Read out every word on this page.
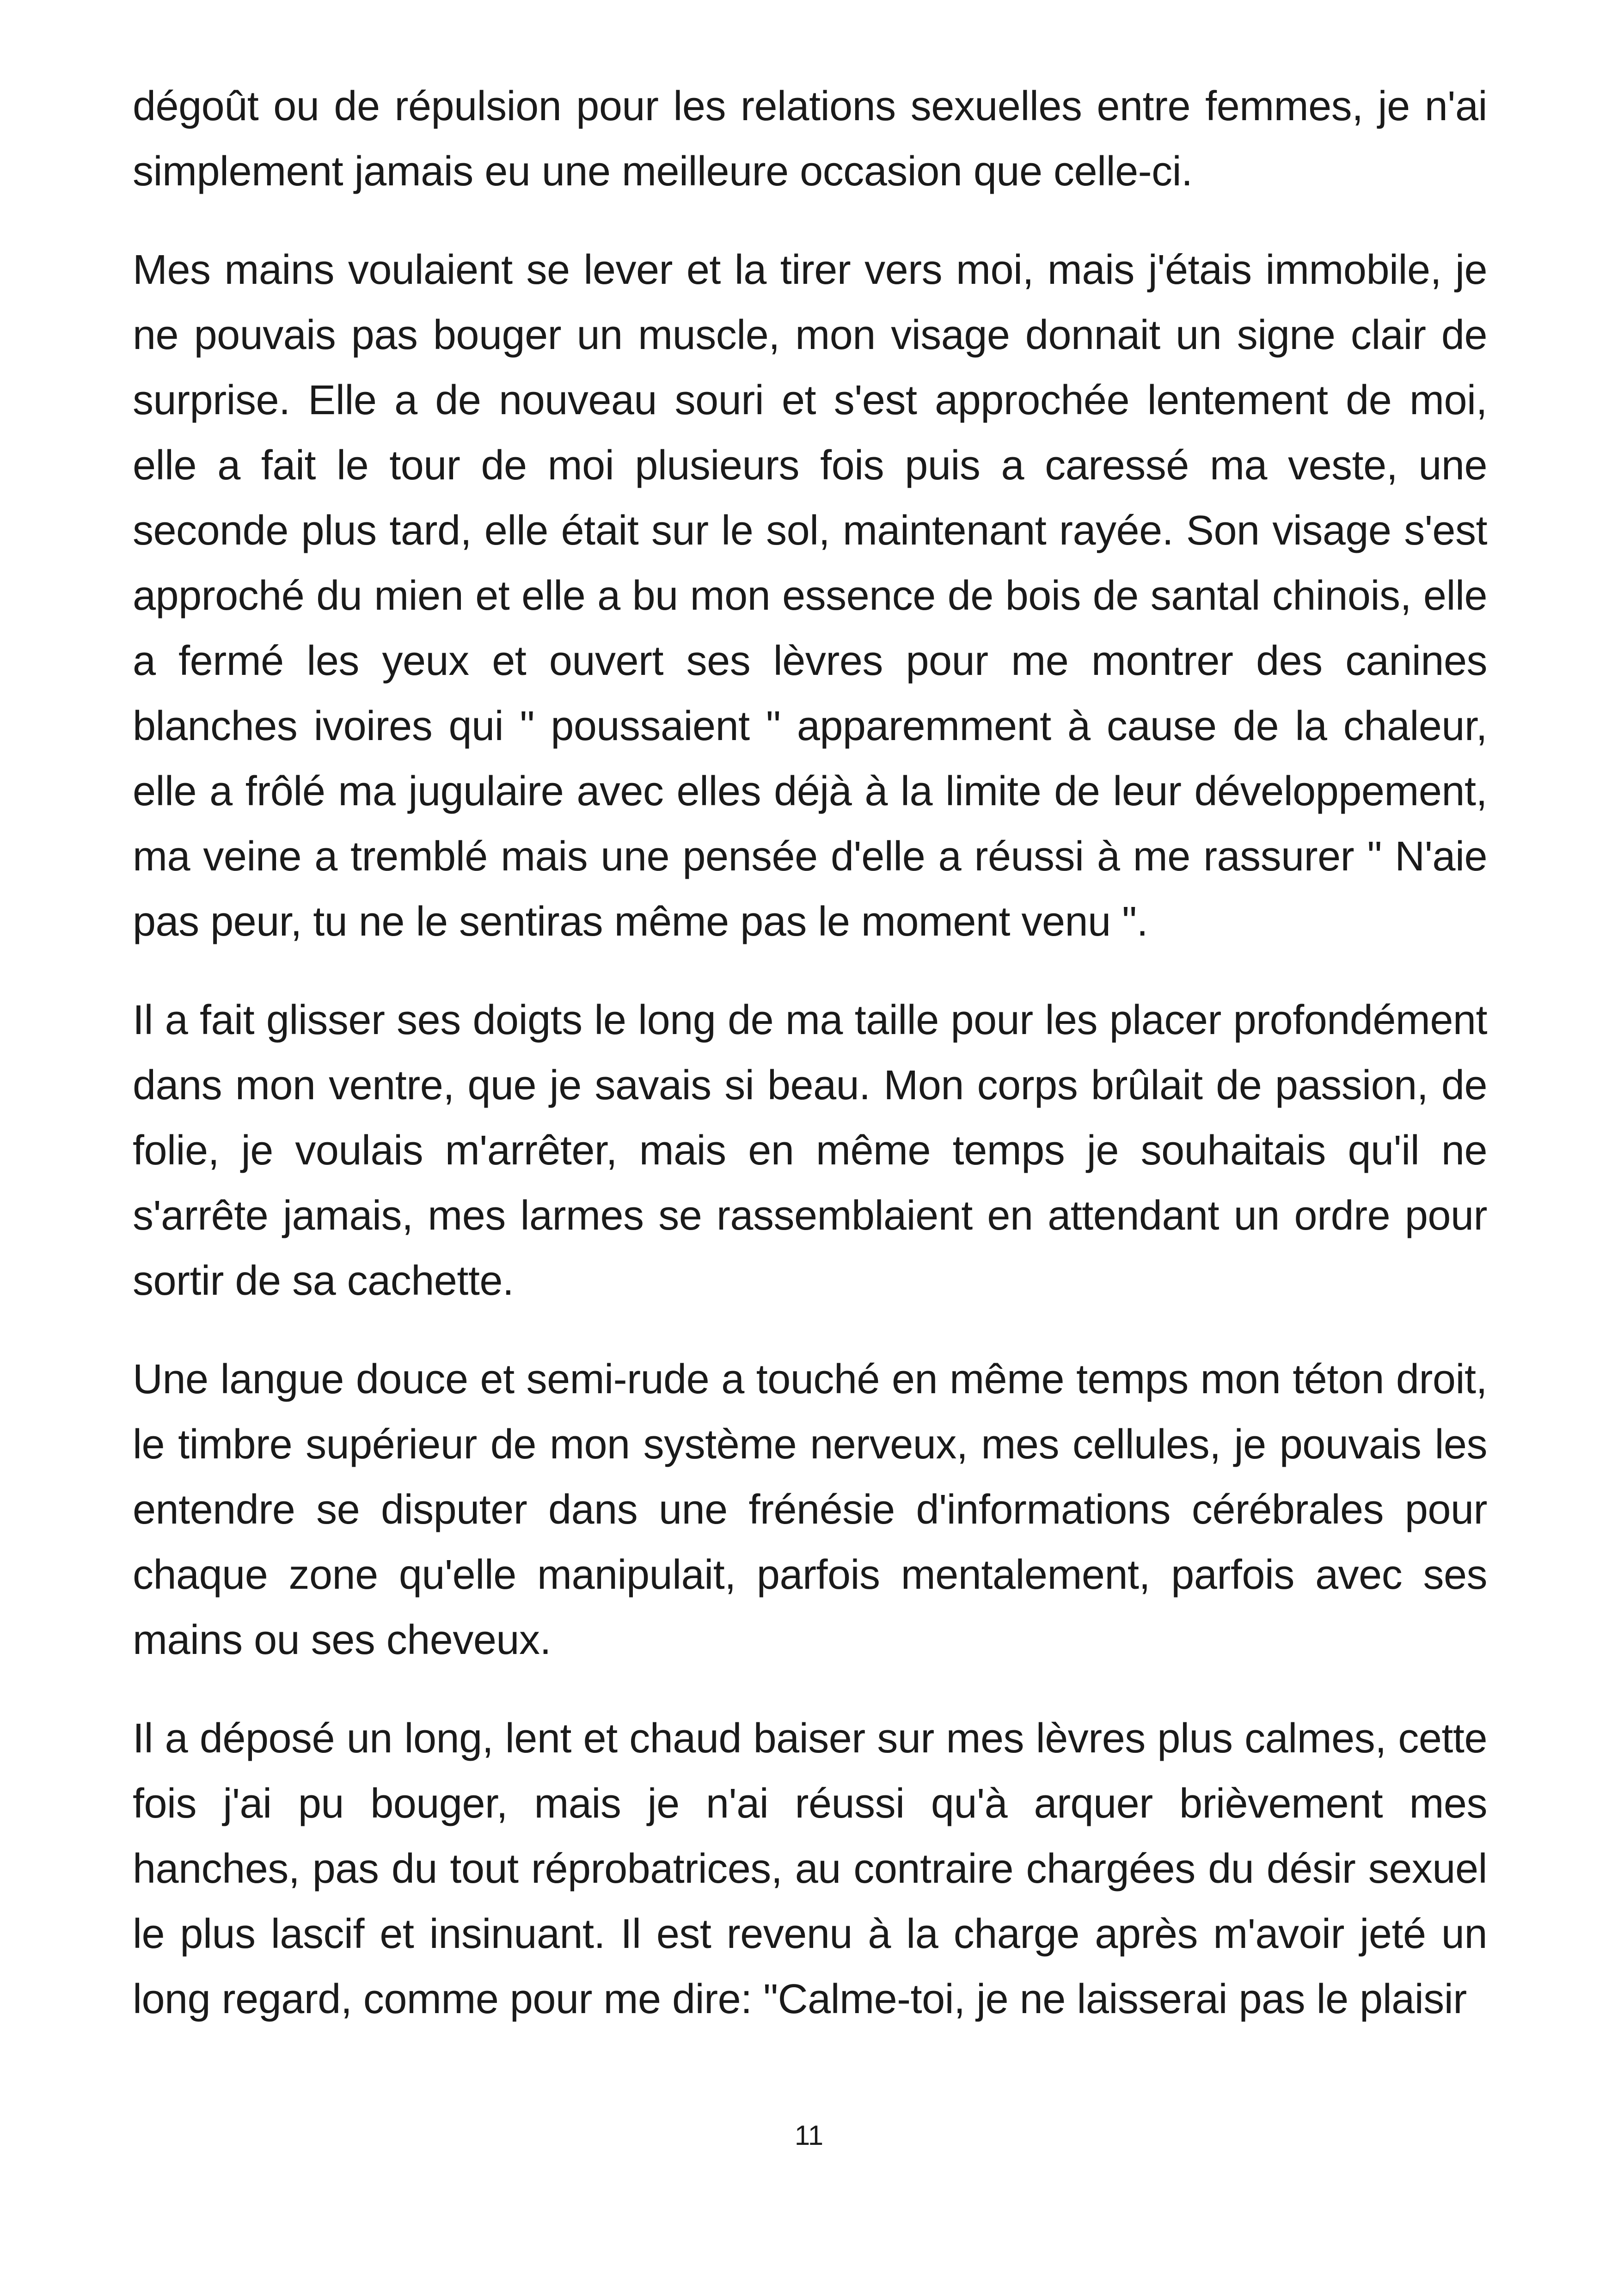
dégoût ou de répulsion pour les relations sexuelles entre femmes, je n'ai simplement jamais eu une meilleure occasion que celle-ci.

Mes mains voulaient se lever et la tirer vers moi, mais j'étais immobile, je ne pouvais pas bouger un muscle, mon visage donnait un signe clair de surprise. Elle a de nouveau souri et s'est approchée lentement de moi, elle a fait le tour de moi plusieurs fois puis a caressé ma veste, une seconde plus tard, elle était sur le sol, maintenant rayée. Son visage s'est approché du mien et elle a bu mon essence de bois de santal chinois, elle a fermé les yeux et ouvert ses lèvres pour me montrer des canines blanches ivoires qui " poussaient " apparemment à cause de la chaleur, elle a frôlé ma jugulaire avec elles déjà à la limite de leur développement, ma veine a tremblé mais une pensée d'elle a réussi à me rassurer " N'aie pas peur, tu ne le sentiras même pas le moment venu ".

Il a fait glisser ses doigts le long de ma taille pour les placer profondément dans mon ventre, que je savais si beau. Mon corps brûlait de passion, de folie, je voulais m'arrêter, mais en même temps je souhaitais qu'il ne s'arrête jamais, mes larmes se rassemblaient en attendant un ordre pour sortir de sa cachette.

Une langue douce et semi-rude a touché en même temps mon téton droit, le timbre supérieur de mon système nerveux, mes cellules, je pouvais les entendre se disputer dans une frénésie d'informations cérébrales pour chaque zone qu'elle manipulait, parfois mentalement, parfois avec ses mains ou ses cheveux.

Il a déposé un long, lent et chaud baiser sur mes lèvres plus calmes, cette fois j'ai pu bouger, mais je n'ai réussi qu'à arquer brièvement mes hanches, pas du tout réprobatrices, au contraire chargées du désir sexuel le plus lascif et insinuant. Il est revenu à la charge après m'avoir jeté un long regard, comme pour me dire: "Calme-toi, je ne laisserai pas le plaisir

11
